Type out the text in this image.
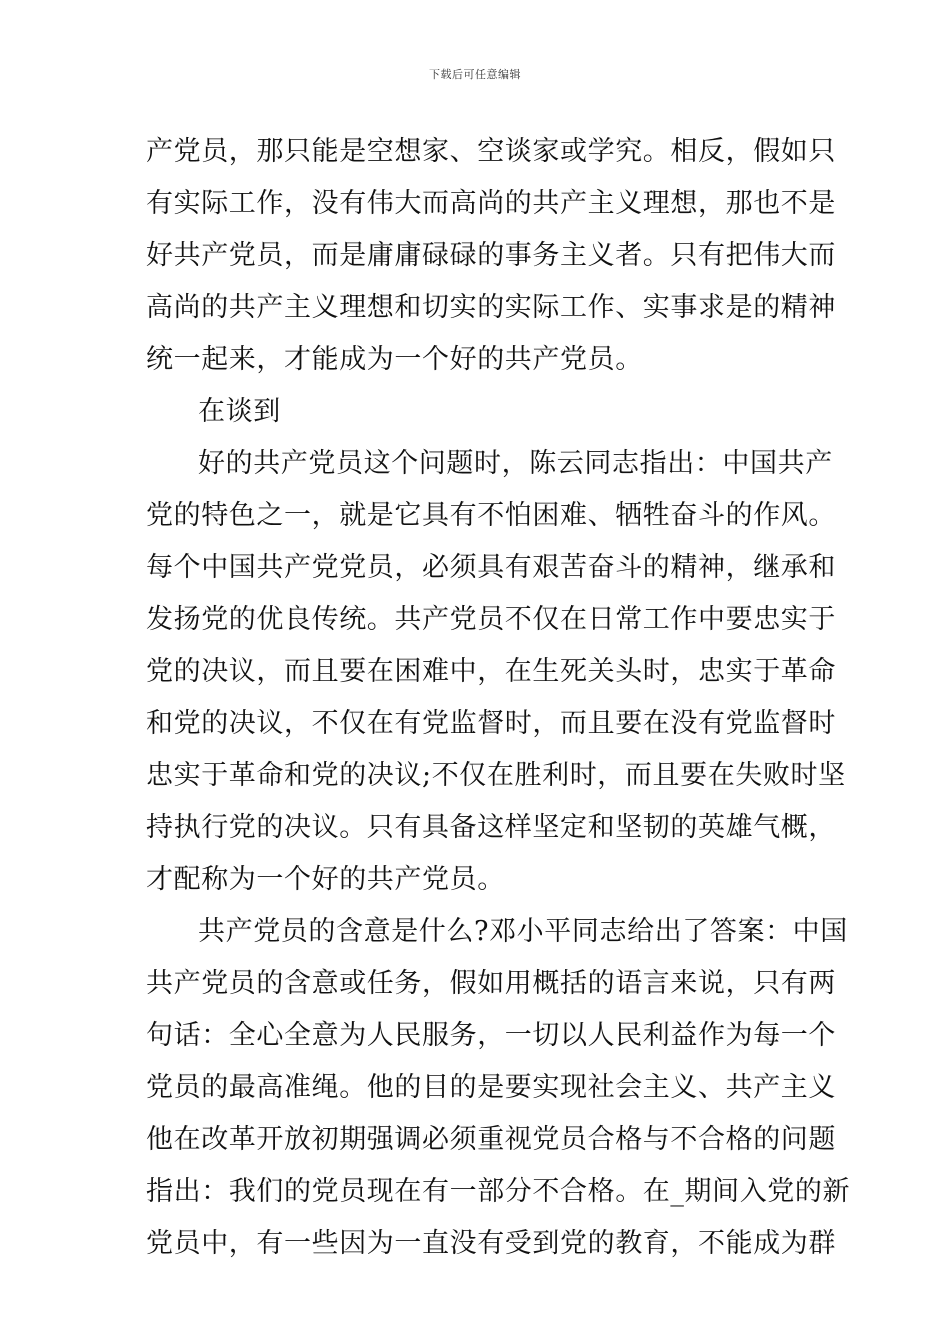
下载后可任意编辑
产党员，那只能是空想家、空谈家或学究。相反，假如只
有实际工作，没有伟大而高尚的共产主义理想，那也不是
好共产党员，而是庸庸碌碌的事务主义者。只有把伟大而
高尚的共产主义理想和切实的实际工作、实事求是的精神
统一起来，才能成为一个好的共产党员。
在谈到
好的共产党员这个问题时，陈云同志指出：中国共产
党的特色之一，就是它具有不怕困难、牺牲奋斗的作风。
每个中国共产党党员，必须具有艰苦奋斗的精神，继承和
发扬党的优良传统。共产党员不仅在日常工作中要忠实于
党的决议，而且要在困难中，在生死关头时，忠实于革命
和党的决议，不仅在有党监督时，而且要在没有党监督时
忠实于革命和党的决议;不仅在胜利时，而且要在失败时坚
持执行党的决议。只有具备这样坚定和坚韧的英雄气概，
才配称为一个好的共产党员。
共产党员的含意是什么?邓小平同志给出了答案：中国
共产党员的含意或任务，假如用概括的语言来说，只有两
句话：全心全意为人民服务，一切以人民利益作为每一个
党员的最高准绳。他的目的是要实现社会主义、共产主义
他在改革开放初期强调必须重视党员合格与不合格的问题
指出：我们的党员现在有一部分不合格。在_期间入党的新
党员中，有一些因为一直没有受到党的教育，不能成为群
